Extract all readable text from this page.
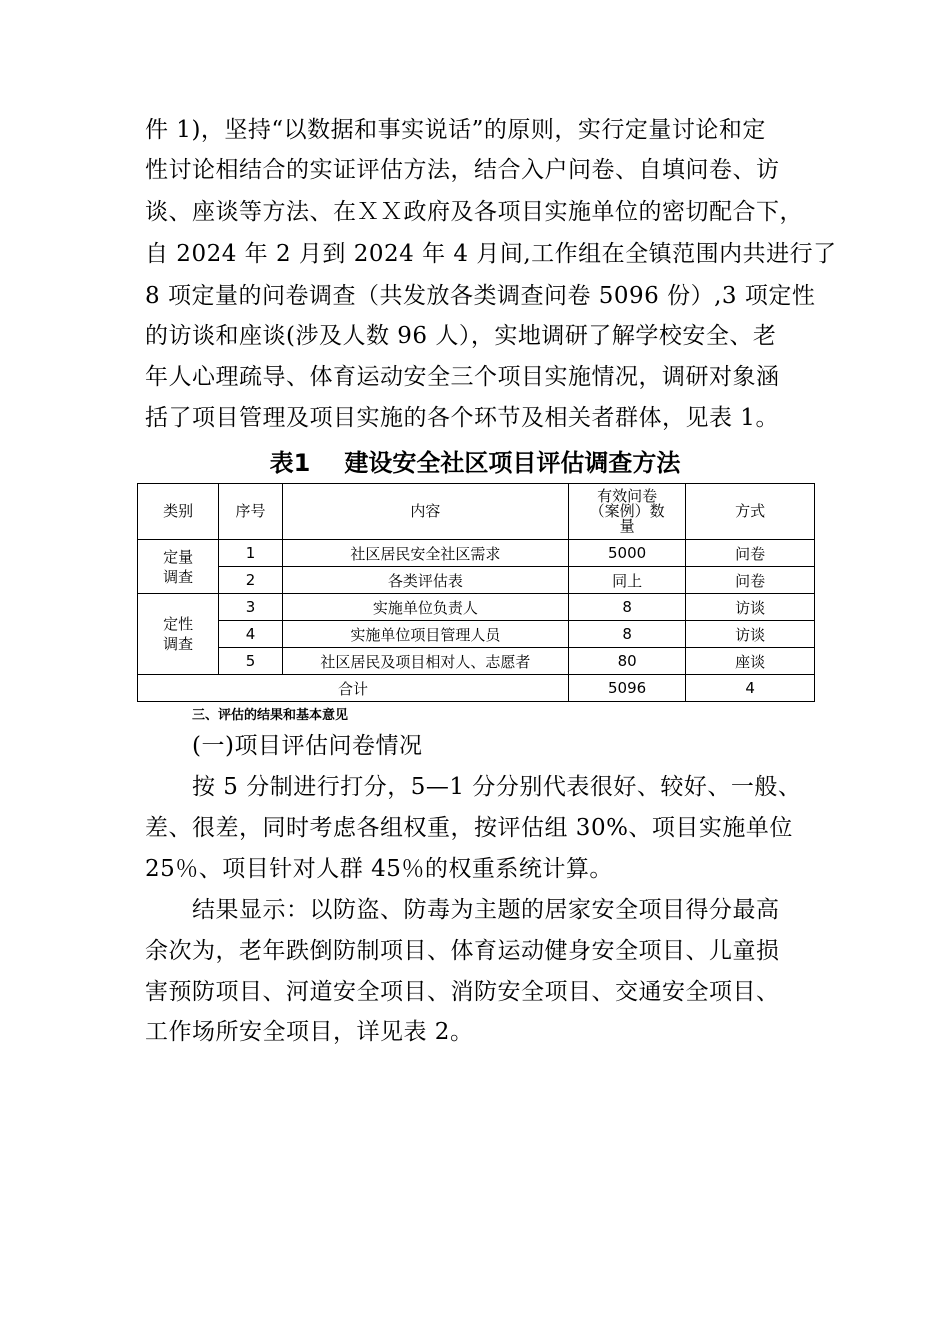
件 1)，坚持“以数据和事实说话”的原则，实行定量讨论和定
性讨论相结合的实证评估方法，结合入户问卷、自填问卷、访
谈、座谈等方法、在ＸＸ政府及各项目实施单位的密切配合下，
自 2024 年 2 月到 2024 年 4 月间,工作组在全镇范围内共进行了
8 项定量的问卷调查（共发放各类调查问卷 5096 份）,3 项定性
的访谈和座谈(涉及人数 96 人），实地调研了解学校安全、老
年人心理疏导、体育运动安全三个项目实施情况，调研对象涵
括了项目管理及项目实施的各个环节及相关者群体，见表 1。
表1 建设安全社区项目评估调查方法
类别	序号	内容	有效问卷
（案例）数
量	方式

定量
调查	1	社区居民安全社区需求	5000	问卷
	2	各类评估表	同上	问卷

定性
调查	3	实施单位负责人	8	访谈
	4	实施单位项目管理人员	8	访谈
	5	社区居民及项目相对人、志愿者	80	座谈
合计			5096	4
三、评估的结果和基本意见
(一)项目评估问卷情况
按 5 分制进行打分，5—1 分分别代表很好、较好、一般、
差、很差，同时考虑各组权重，按评估组 30%、项目实施单位
25％、项目针对人群 45％的权重系统计算。
结果显示：以防盗、防毒为主题的居家安全项目得分最高
余次为，老年跌倒防制项目、体育运动健身安全项目、儿童损
害预防项目、河道安全项目、消防安全项目、交通安全项目、
工作场所安全项目，详见表 2。
